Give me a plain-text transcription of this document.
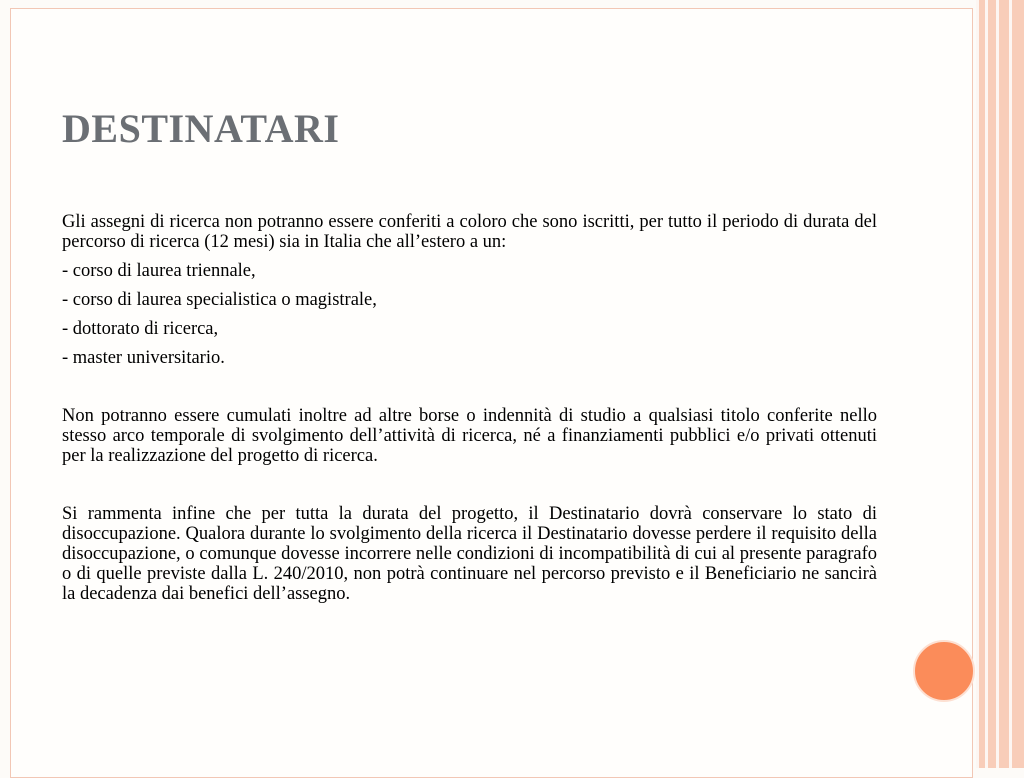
DESTINATARI

Gli assegni di ricerca non potranno essere conferiti a coloro che sono iscritti, per tutto il periodo di durata del percorso di ricerca (12 mesi) sia in Italia che all’estero a un:

- corso di laurea triennale,

- corso di laurea specialistica o magistrale,

- dottorato di ricerca,

- master universitario.

Non potranno essere cumulati inoltre ad altre borse o indennità di studio a qualsiasi titolo conferite nello stesso arco temporale di svolgimento dell’attività di ricerca, né a finanziamenti pubblici e/o privati ottenuti per la realizzazione del progetto di ricerca.

Si rammenta infine che per tutta la durata del progetto, il Destinatario dovrà conservare lo stato di disoccupazione. Qualora durante lo svolgimento della ricerca il Destinatario dovesse perdere il requisito della disoccupazione, o comunque dovesse incorrere nelle condizioni di incompatibilità di cui al presente paragrafo o di quelle previste dalla L. 240/2010, non potrà continuare nel percorso previsto e il Beneficiario ne sancirà la decadenza dai benefici dell’assegno.
